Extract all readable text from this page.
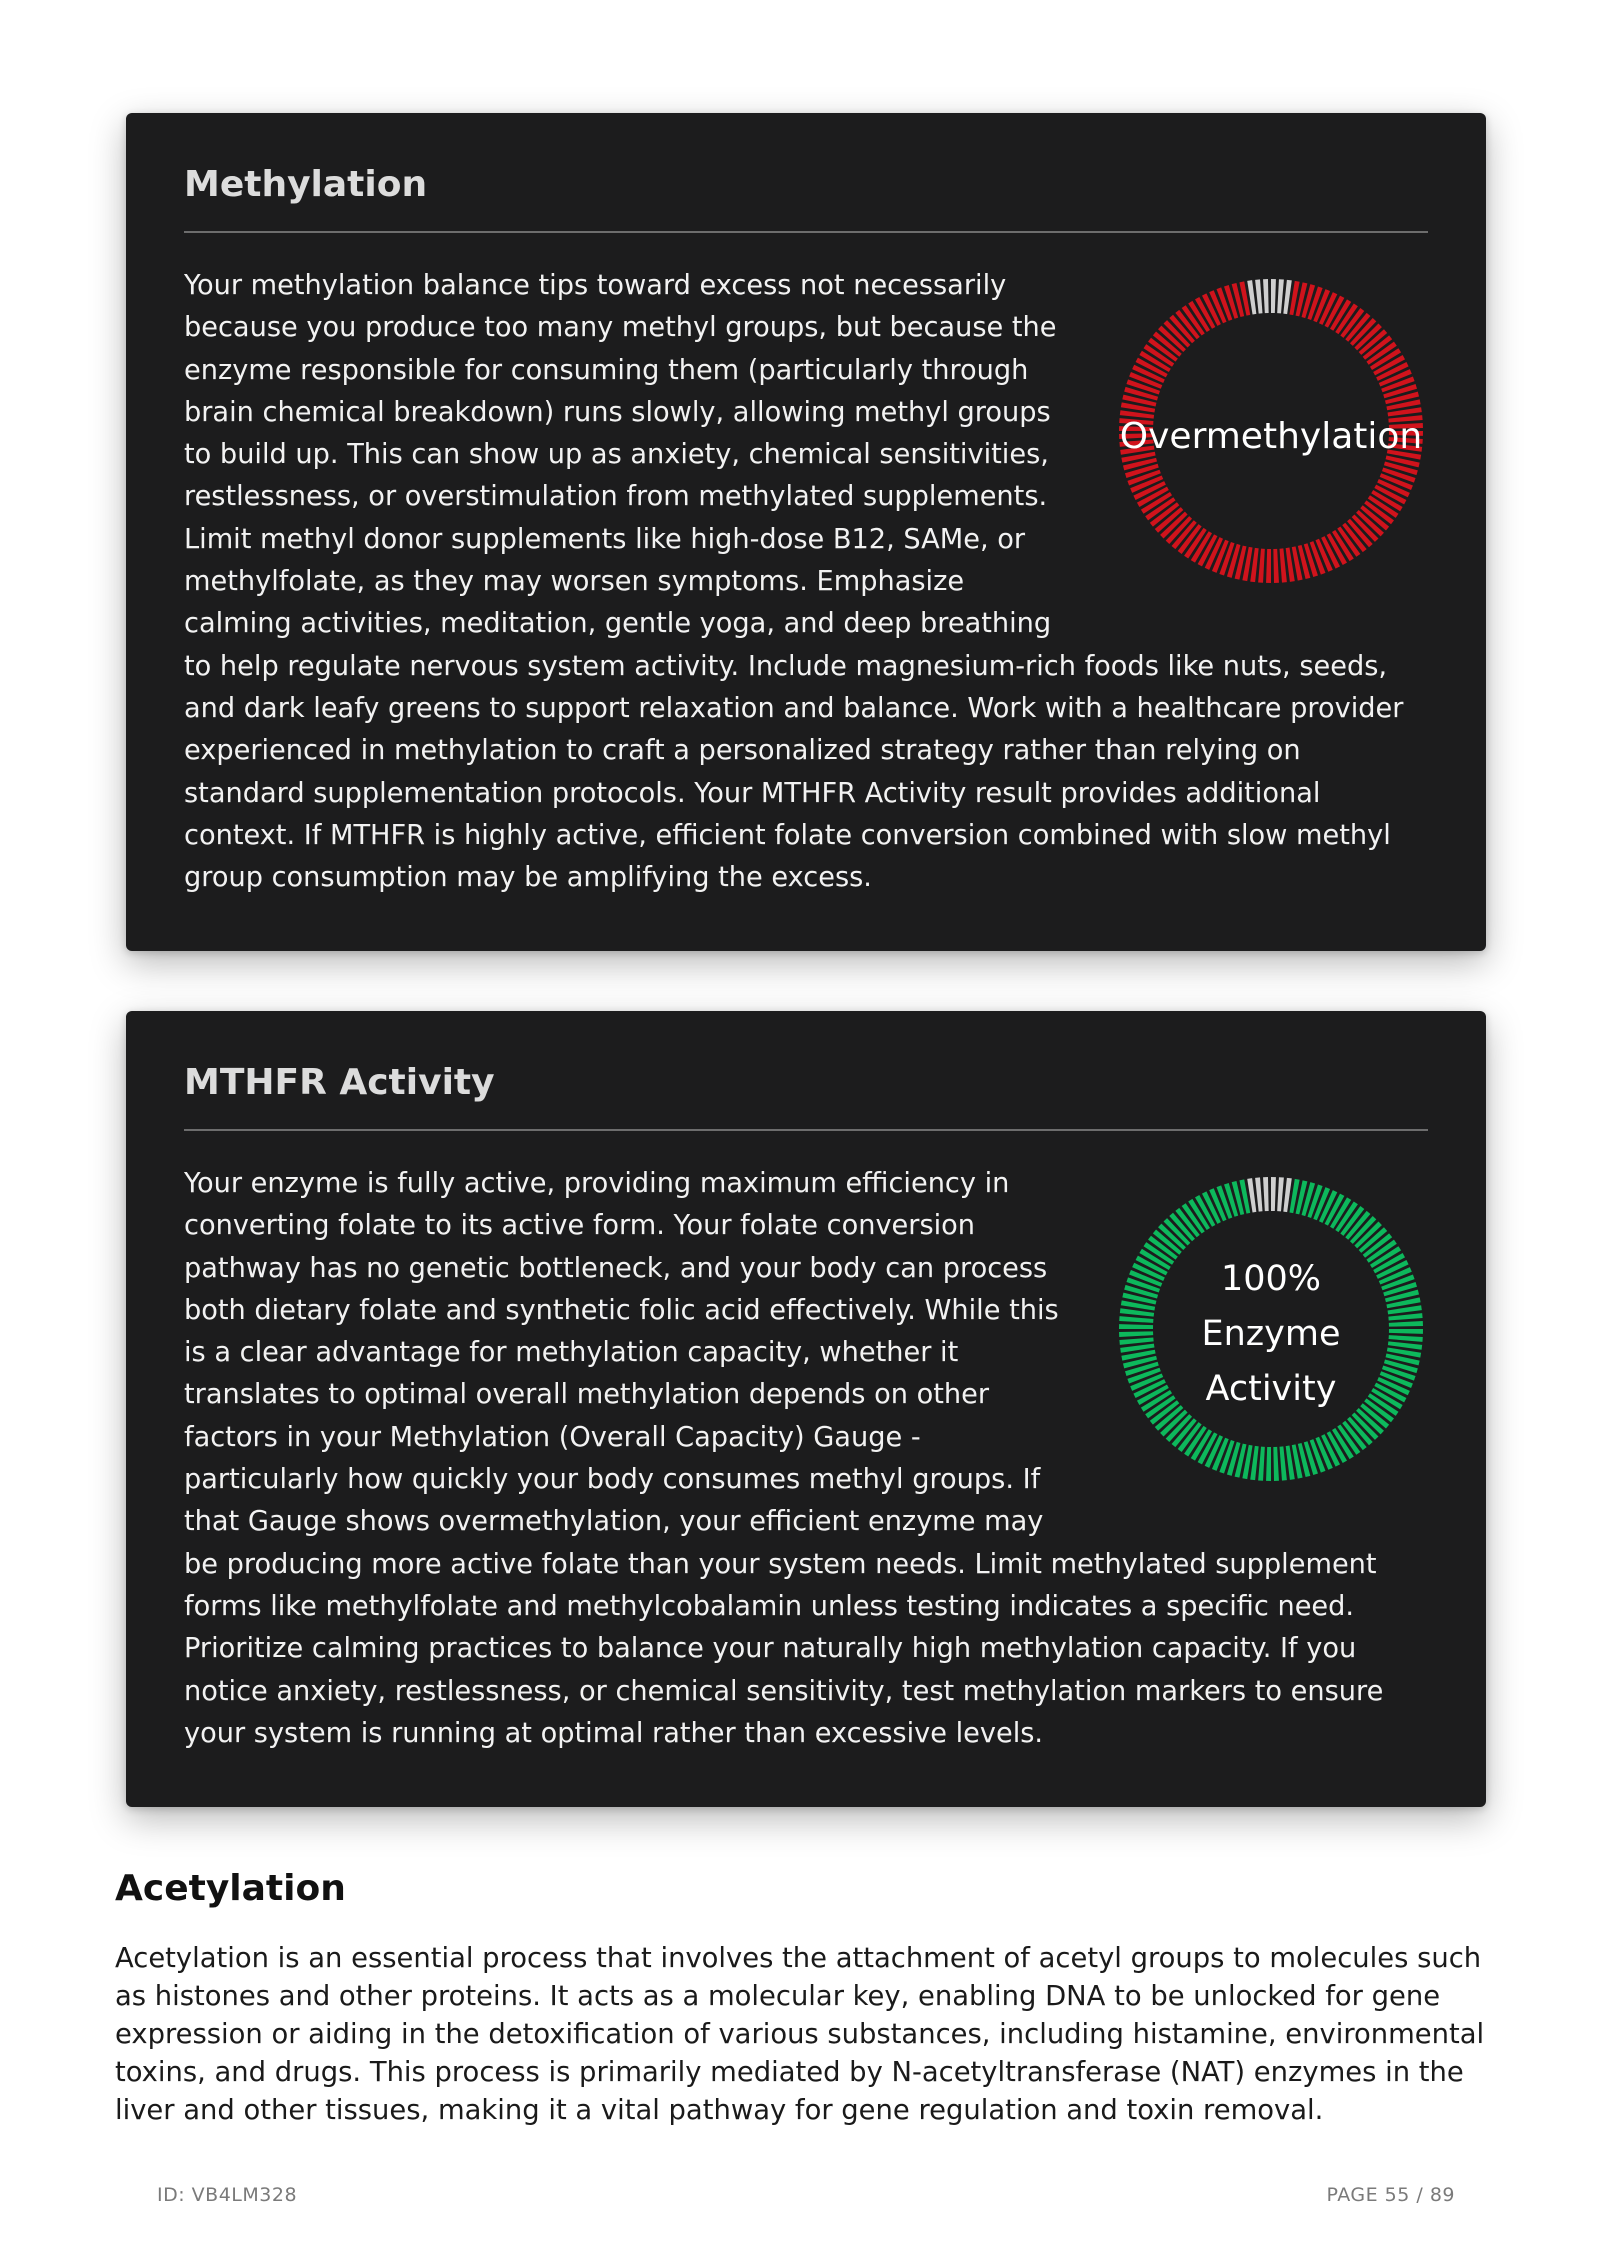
Methylation
Overmethylation

Your methylation balance tips toward excess not necessarily because you produce too many methyl groups, but because the enzyme responsible for consuming them (particularly through brain chemical breakdown) runs slowly, allowing methyl groups to build up. This can show up as anxiety, chemical sensitivities, restlessness, or overstimulation from methylated supplements. Limit methyl donor supplements like high-dose B12, SAMe, or methylfolate, as they may worsen symptoms. Emphasize calming activities, meditation, gentle yoga, and deep breathing to help regulate nervous system activity. Include magnesium-rich foods like nuts, seeds, and dark leafy greens to support relaxation and balance. Work with a healthcare provider experienced in methylation to craft a personalized strategy rather than relying on standard supplementation protocols. Your MTHFR Activity result provides additional context. If MTHFR is highly active, efficient folate conversion combined with slow methyl group consumption may be amplifying the excess.

MTHFR Activity
100%
Enzyme
Activity

Your enzyme is fully active, providing maximum efficiency in converting folate to its active form. Your folate conversion pathway has no genetic bottleneck, and your body can process both dietary folate and synthetic folic acid effectively. While this is a clear advantage for methylation capacity, whether it translates to optimal overall methylation depends on other factors in your Methylation (Overall Capacity) Gauge - particularly how quickly your body consumes methyl groups. If that Gauge shows overmethylation, your efficient enzyme may be producing more active folate than your system needs. Limit methylated supplement forms like methylfolate and methylcobalamin unless testing indicates a specific need. Prioritize calming practices to balance your naturally high methylation capacity. If you notice anxiety, restlessness, or chemical sensitivity, test methylation markers to ensure your system is running at optimal rather than excessive levels.

Acetylation

Acetylation is an essential process that involves the attachment of acetyl groups to molecules such as histones and other proteins. It acts as a molecular key, enabling DNA to be unlocked for gene expression or aiding in the detoxification of various substances, including histamine, environmental toxins, and drugs. This process is primarily mediated by N-acetyltransferase (NAT) enzymes in the liver and other tissues, making it a vital pathway for gene regulation and toxin removal.

ID: VB4LM328	PAGE 55 / 89
